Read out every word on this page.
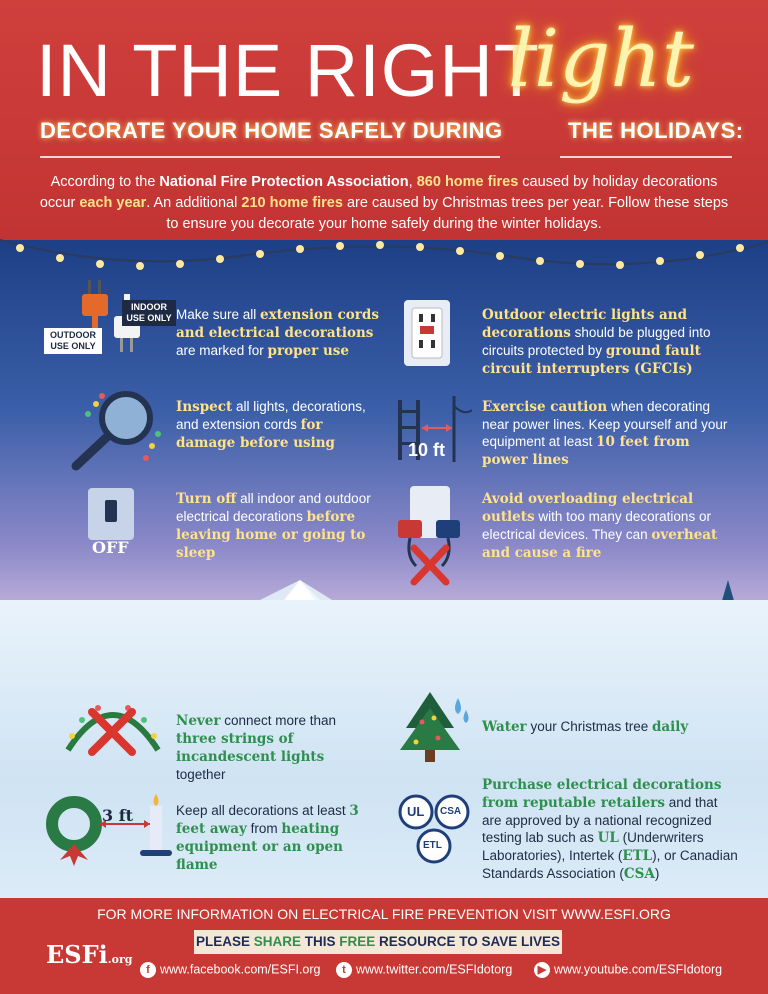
IN THE RIGHT
light
DECORATE YOUR HOME SAFELY DURING	THE HOLIDAYS:
According to the National Fire Protection Association, 860 home fires caused by holiday decorations occur each year. An additional 210 home fires are caused by Christmas trees per year. Follow these steps to ensure you decorate your home safely during the winter holidays.
INDOOR USE ONLY
OUTDOOR USE ONLY
Make sure all extension cords and electrical decorations are marked for proper use
Outdoor electric lights and decorations should be plugged into circuits protected by ground fault circuit interrupters (GFCIs)
Inspect all lights, decorations, and extension cords for damage before using	10 ft
Exercise caution when decorating near power lines. Keep yourself and your equipment at least 10 feet from power lines
OFF
Turn off all indoor and outdoor electrical decorations before leaving home or going to sleep
Avoid overloading electrical outlets with too many decorations or electrical devices. They can overheat and cause a fire
Never connect more than three strings of incandescent lights together
Water your Christmas tree daily
3 ft	Keep all decorations at least 3 feet away from heating equipment or an open flame
UL CSA
ETL
Purchase electrical decorations from reputable retailers and that are approved by a national recognized testing lab such as UL (Underwriters Laboratories), Intertek (ETL), or Canadian Standards Association (CSA)
FOR MORE INFORMATION ON ELECTRICAL FIRE PREVENTION VISIT WWW.ESFI.ORG
PLEASE SHARE THIS FREE RESOURCE TO SAVE LIVES
ESFi.org
f www.facebook.com/ESFI.org	t www.twitter.com/ESFIdotorg	▶ www.youtube.com/ESFIdotorg
